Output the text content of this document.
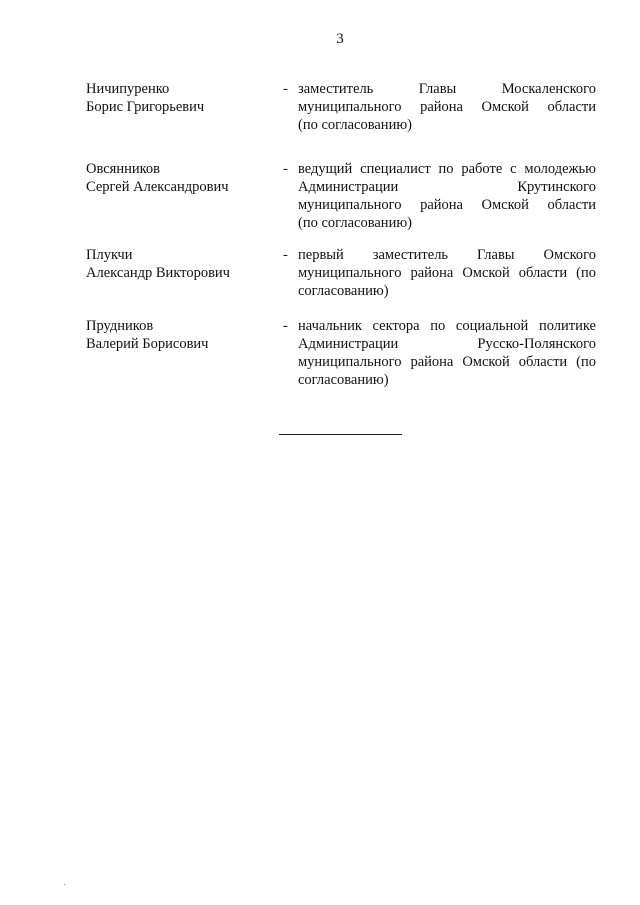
3
Ничипуренко
Борис Григорьевич
- заместитель Главы Москаленского
муниципального района Омской области
(по согласованию)
Овсянников
Сергей Александрович
- ведущий специалист по работе с молодежью
Администрации Крутинского
муниципального района Омской области
(по согласованию)
Плукчи
Александр Викторович
- первый заместитель Главы Омского
муниципального района Омской области (по
согласованию)
Прудников
Валерий Борисович
- начальник сектора по социальной политике
Администрации Русско-Полянского
муниципального района Омской области (по
согласованию)
